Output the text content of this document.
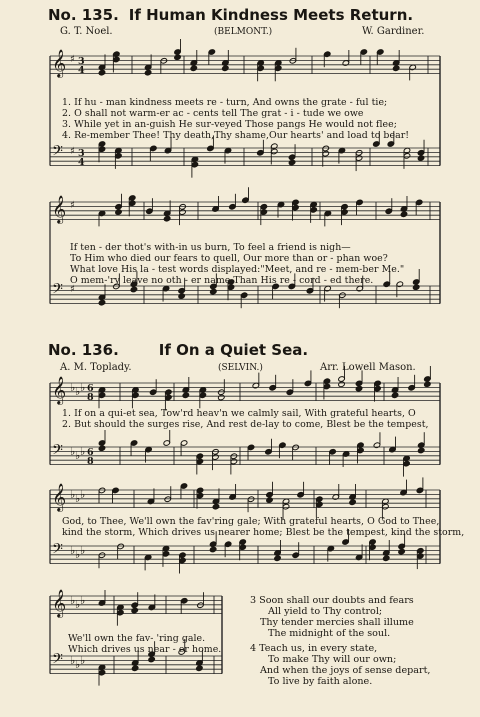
No. 135. If Human Kindness Meets Return.
G. T. Noel.	(BELMONT.)	W. Gardiner.
𝄞 ♯ 3
4
𝄢 ♯ 3
4
1. If hu - man kindness meets re - turn, And owns the grate - ful tie;
2. O shall not warm-er ac - cents tell The grat - i - tude we owe
3. While yet in an-guish He sur-veyed Those pangs He would not flee;
4. Re-member Thee! Thy death,Thy shame,Our hearts' and load to bear!
𝄞 ♯
𝄢 ♯
If ten - der thot's with-in us burn, To feel a friend is nigh—
To Him who died our fears to quell, Our more than or - phan woe?
What love His la - test words displayed:"Meet, and re - mem-ber Me."
O mem-'ry leave no oth - er name Than His re - cord - ed there.
No. 136.	If On a Quiet Sea.
A. M. Toplady.	(SELVIN.)	Arr. Lowell Mason.
𝄞 ♭ ♭ ♭ 6
8
𝄢 ♭ ♭ ♭ 6
8
1. If on a qui-et sea, Tow'rd heav'n we calmly sail, With grateful hearts, O
2. But should the surges rise, And rest de-lay to come, Blest be the tempest,
𝄞 ♭ ♭ ♭
𝄢 ♭ ♭ ♭
God, to Thee, We'll own the fav'ring gale; With grateful hearts, O God to Thee,
kind the storm, Which drives us nearer home; Blest be the tempest, kind the storm,
𝄞 ♭ ♭ ♭
𝄢 ♭ ♭ ♭
We'll own the fav- 'ring gale.
Which drives us near - er home.
3 Soon shall our doubts and fears
All yield to Thy control;
Thy tender mercies shall illume
The midnight of the soul.
4 Teach us, in every state,
To make Thy will our own;
And when the joys of sense depart,
To live by faith alone.
